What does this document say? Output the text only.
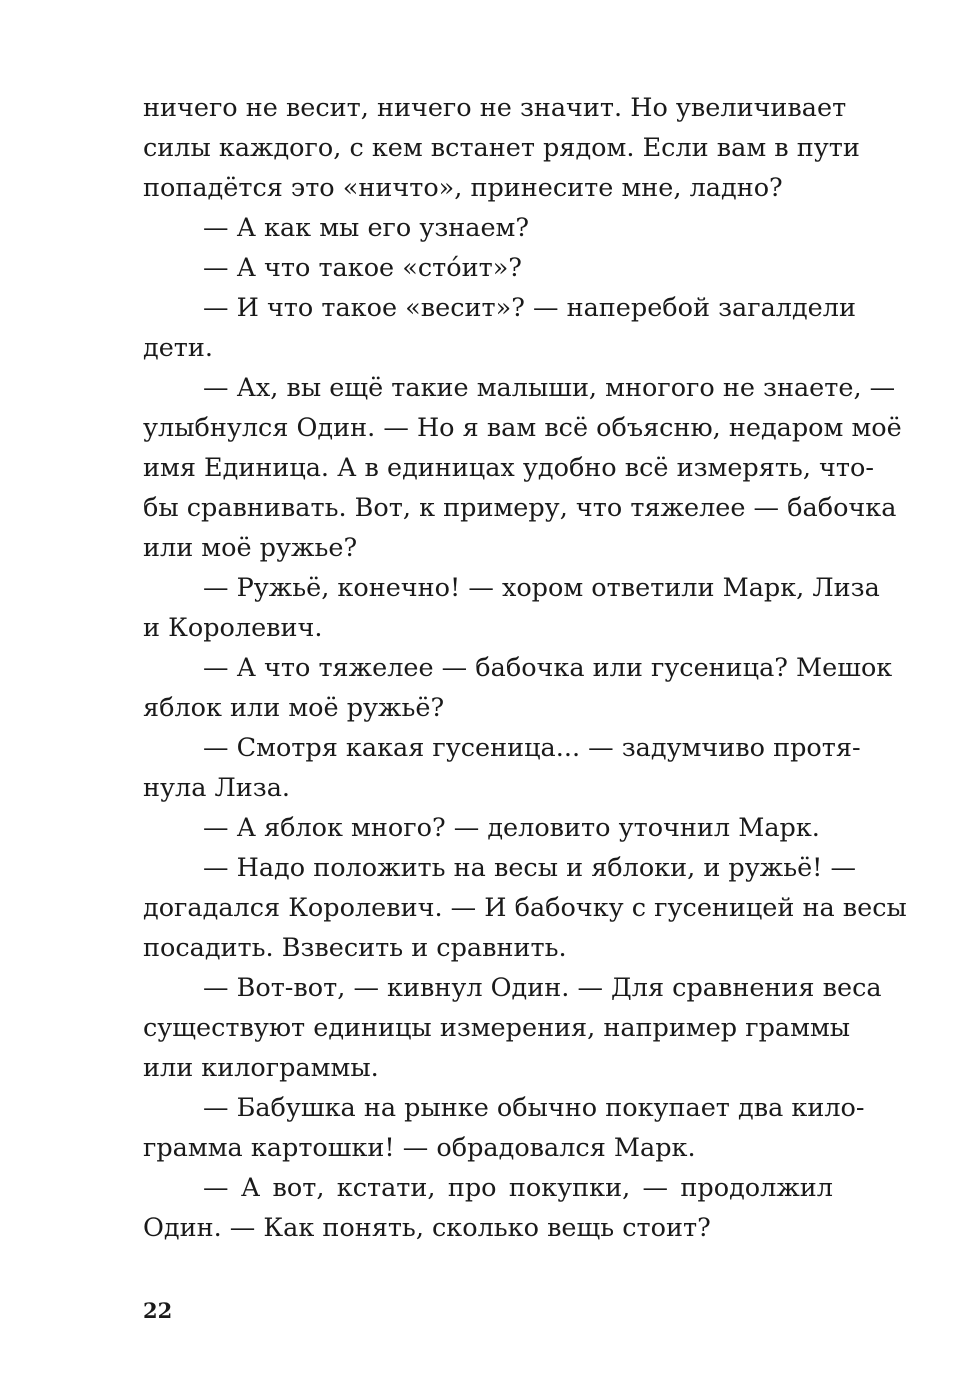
ничего не весит, ничего не значит. Но увеличивает
силы каждого, с кем встанет рядом. Если вам в пути
попадётся это «ничто», принесите мне, ладно?
— А как мы его узнаем?
— А что такое «сто́ит»?
— И что такое «весит»? — наперебой загалдели
дети.
— Ах, вы ещё такие малыши, многого не знаете, —
улыбнулся Один. — Но я вам всё объясню, недаром моё
имя Единица. А в единицах удобно всё измерять, что-
бы сравнивать. Вот, к примеру, что тяжелее — бабочка
или моё ружье?
— Ружьё, конечно! — хором ответили Марк, Лиза
и Королевич.
— А что тяжелее — бабочка или гусеница? Мешок
яблок или моё ружьё?
— Смотря какая гусеница... — задумчиво протя-
нула Лиза.
— А яблок много? — деловито уточнил Марк.
— Надо положить на весы и яблоки, и ружьё! —
догадался Королевич. — И бабочку с гусеницей на весы
посадить. Взвесить и сравнить.
— Вот-вот, — кивнул Один. — Для сравнения веса
существуют единицы измерения, например граммы
или килограммы.
— Бабушка на рынке обычно покупает два кило-
грамма картошки! — обрадовался Марк.
— А вот, кстати, про покупки, — продолжил
Один. — Как понять, сколько вещь стоит?
22
